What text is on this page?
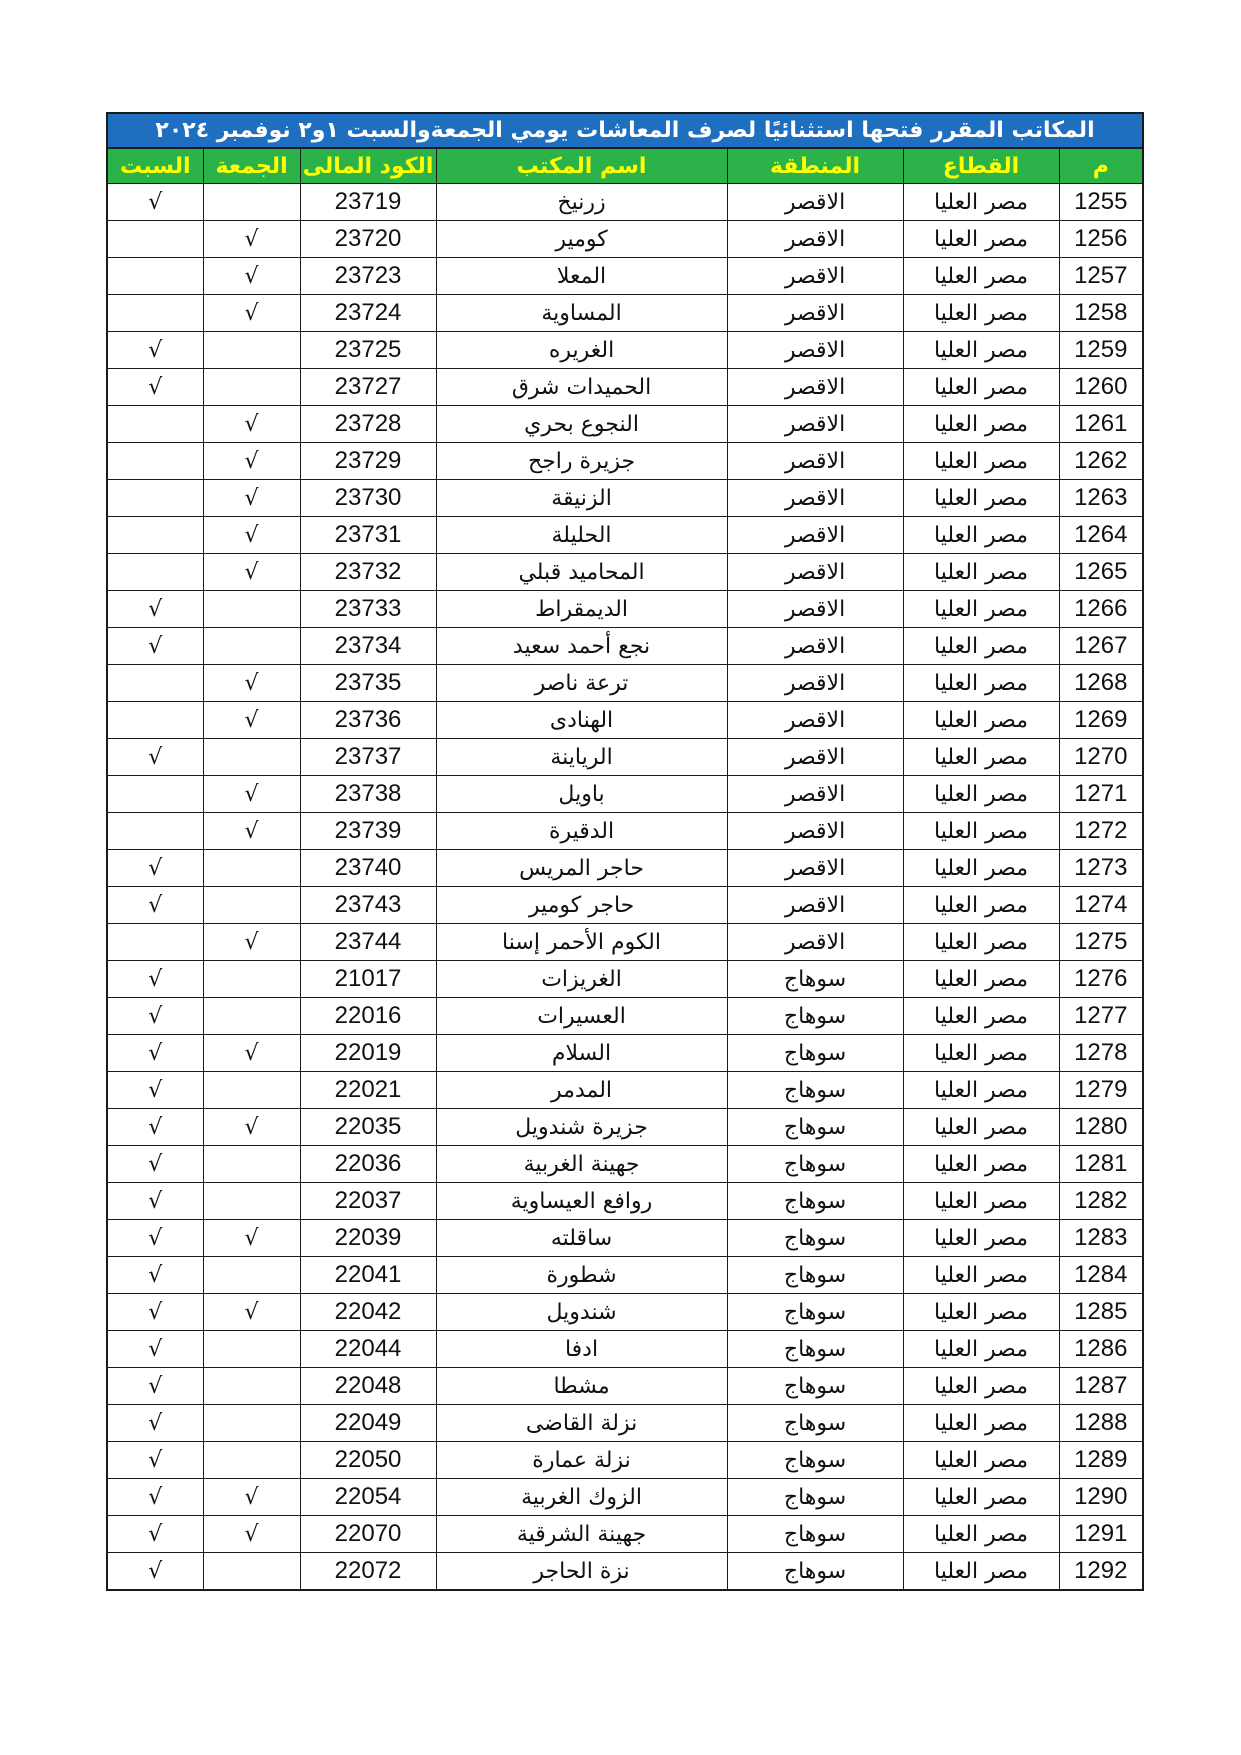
المكاتب المقرر فتحها استثنائيًا لصرف المعاشات يومي الجمعةوالسبت ١و٢ نوفمبر ٢٠٢٤						
م	القطاع	المنطقة	اسم المكتب	الكود المالى	الجمعة	السبت
1255	مصر العليا	الاقصر	زرنيخ	23719		√
1256	مصر العليا	الاقصر	كومير	23720	√	
1257	مصر العليا	الاقصر	المعلا	23723	√	
1258	مصر العليا	الاقصر	المساوية	23724	√	
1259	مصر العليا	الاقصر	الغريره	23725		√
1260	مصر العليا	الاقصر	الحميدات شرق	23727		√
1261	مصر العليا	الاقصر	النجوع بحري	23728	√	
1262	مصر العليا	الاقصر	جزيرة راجح	23729	√	
1263	مصر العليا	الاقصر	الزنيقة	23730	√	
1264	مصر العليا	الاقصر	الحليلة	23731	√	
1265	مصر العليا	الاقصر	المحاميد قبلي	23732	√	
1266	مصر العليا	الاقصر	الديمقراط	23733		√
1267	مصر العليا	الاقصر	نجع أحمد سعيد	23734		√
1268	مصر العليا	الاقصر	ترعة ناصر	23735	√	
1269	مصر العليا	الاقصر	الهنادى	23736	√	
1270	مصر العليا	الاقصر	الرياينة	23737		√
1271	مصر العليا	الاقصر	باويل	23738	√	
1272	مصر العليا	الاقصر	الدقيرة	23739	√	
1273	مصر العليا	الاقصر	حاجر المريس	23740		√
1274	مصر العليا	الاقصر	حاجر كومير	23743		√
1275	مصر العليا	الاقصر	الكوم الأحمر إسنا	23744	√	
1276	مصر العليا	سوهاج	الغريزات	21017		√
1277	مصر العليا	سوهاج	العسيرات	22016		√
1278	مصر العليا	سوهاج	السلام	22019	√	√
1279	مصر العليا	سوهاج	المدمر	22021		√
1280	مصر العليا	سوهاج	جزيرة شندويل	22035	√	√
1281	مصر العليا	سوهاج	جهينة الغربية	22036		√
1282	مصر العليا	سوهاج	روافع العيساوية	22037		√
1283	مصر العليا	سوهاج	ساقلته	22039	√	√
1284	مصر العليا	سوهاج	شطورة	22041		√
1285	مصر العليا	سوهاج	شندويل	22042	√	√
1286	مصر العليا	سوهاج	ادفا	22044		√
1287	مصر العليا	سوهاج	مشطا	22048		√
1288	مصر العليا	سوهاج	نزلة القاضى	22049		√
1289	مصر العليا	سوهاج	نزلة عمارة	22050		√
1290	مصر العليا	سوهاج	الزوك الغربية	22054	√	√
1291	مصر العليا	سوهاج	جهينة الشرقية	22070	√	√
1292	مصر العليا	سوهاج	نزة الحاجر	22072		√
